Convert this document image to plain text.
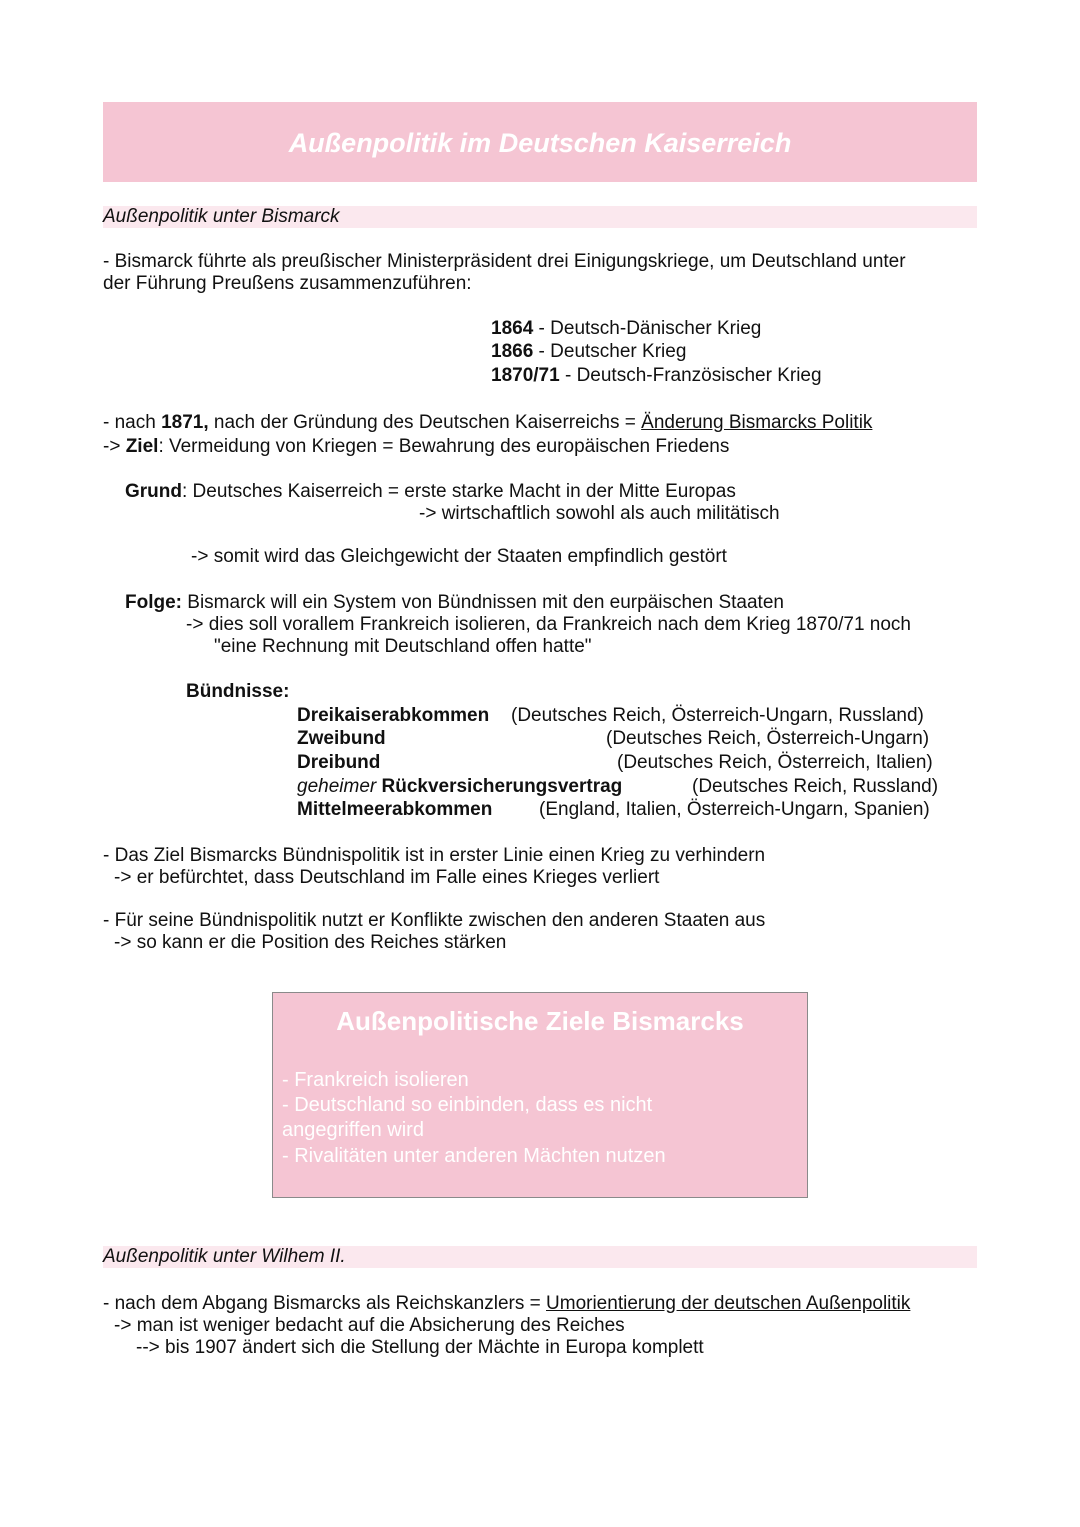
Außenpolitik im Deutschen Kaiserreich
Außenpolitik unter Bismarck
- Bismarck führte als preußischer Ministerpräsident drei Einigungskriege, um Deutschland unter
der Führung Preußens zusammenzuführen:
1864 - Deutsch-Dänischer Krieg
1866 - Deutscher Krieg
1870/71 - Deutsch-Französischer Krieg
- nach 1871, nach der Gründung des Deutschen Kaiserreichs = Änderung Bismarcks Politik
-> Ziel: Vermeidung von Kriegen = Bewahrung des europäischen Friedens
Grund: Deutsches Kaiserreich = erste starke Macht in der Mitte Europas
-> wirtschaftlich sowohl als auch militätisch
-> somit wird das Gleichgewicht der Staaten empfindlich gestört
Folge: Bismarck will ein System von Bündnissen mit den eurpäischen Staaten
-> dies soll vorallem Frankreich isolieren, da Frankreich nach dem Krieg 1870/71 noch
"eine Rechnung mit Deutschland offen hatte"
Bündnisse:
Dreikaiserabkommen (Deutsches Reich, Österreich-Ungarn, Russland)
Zweibund	(Deutsches Reich, Österreich-Ungarn)
Dreibund	(Deutsches Reich, Österreich, Italien)
geheimer Rückversicherungsvertrag	(Deutsches Reich, Russland)
Mittelmeerabkommen (England, Italien, Österreich-Ungarn, Spanien)
- Das Ziel Bismarcks Bündnispolitik ist in erster Linie einen Krieg zu verhindern
-> er befürchtet, dass Deutschland im Falle eines Krieges verliert
- Für seine Bündnispolitik nutzt er Konflikte zwischen den anderen Staaten aus
-> so kann er die Position des Reiches stärken
Außenpolitische Ziele Bismarcks
- Frankreich isolieren
- Deutschland so einbinden, dass es nicht
angegriffen wird
- Rivalitäten unter anderen Mächten nutzen
Außenpolitik unter Wilhem II.
- nach dem Abgang Bismarcks als Reichskanzlers = Umorientierung der deutschen Außenpolitik
-> man ist weniger bedacht auf die Absicherung des Reiches
--> bis 1907 ändert sich die Stellung der Mächte in Europa komplett
